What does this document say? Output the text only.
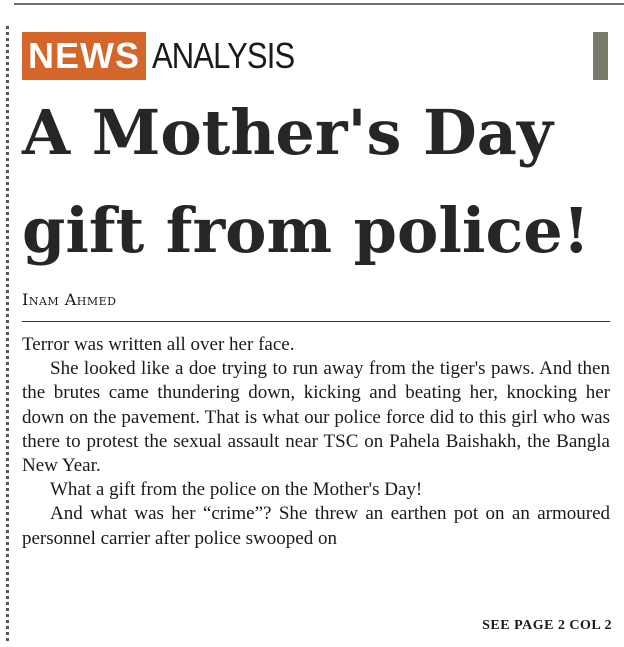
NEWS ANALYSIS
A Mother's Day
gift from police!
Inam Ahmed

Terror was written all over her face.

She looked like a doe trying to run away from the tiger's paws. And then the brutes came thundering down, kicking and beating her, knocking her down on the pavement. That is what our police force did to this girl who was there to protest the sexual assault near TSC on Pahela Baishakh, the Bangla New Year.

What a gift from the police on the Mother's Day!

And what was her “crime”? She threw an earthen pot on an armoured personnel carrier after police swooped on

SEE PAGE 2 COL 2
